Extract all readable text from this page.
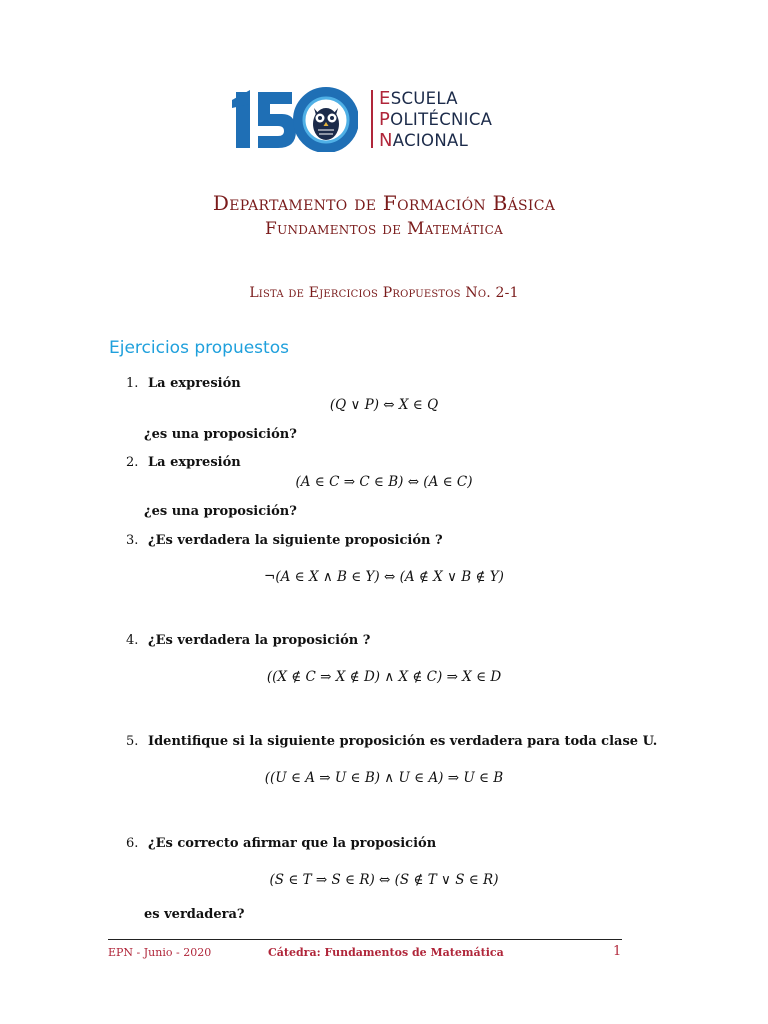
ESCUELA
POLITÉCNICA
NACIONAL
Departamento de Formación Básica
Fundamentos de Matemática
Lista de Ejercicios Propuestos No. 2-1
Ejercicios propuestos
1. La expresión
(Q ∨ P) ⇔ X ∈ Q
¿es una proposición?
2. La expresión
(A ∈ C ⇒ C ∈ B) ⇔ (A ∈ C)
¿es una proposición?
3. ¿Es verdadera la siguiente proposición ?
¬(A ∈ X ∧ B ∈ Y) ⇔ (A ∉ X ∨ B ∉ Y)
4. ¿Es verdadera la proposición ?
((X ∉ C ⇒ X ∉ D) ∧ X ∉ C) ⇒ X ∈ D
5. Identifique si la siguiente proposición es verdadera para toda clase U.
((U ∈ A ⇒ U ∈ B) ∧ U ∈ A) ⇒ U ∈ B
6. ¿Es correcto afirmar que la proposición
(S ∈ T ⇒ S ∈ R) ⇔ (S ∉ T ∨ S ∈ R)
es verdadera?
EPN - Junio - 2020	Cátedra: Fundamentos de Matemática	1
